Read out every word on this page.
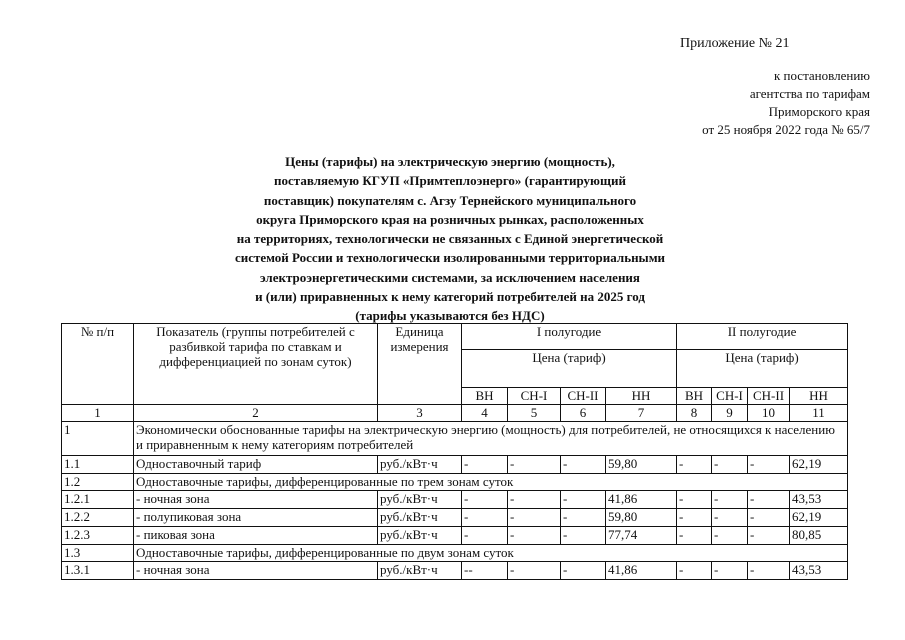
Приложение № 21
к постановлению
агентства по тарифам
Приморского края
от 25 ноября 2022 года № 65/7
Цены (тарифы) на электрическую энергию (мощность),
поставляемую КГУП «Примтеплоэнерго» (гарантирующий
поставщик) покупателям с. Агзу Тернейского муниципального
округа Приморского края на розничных рынках, расположенных
на территориях, технологически не связанных с Единой энергетической
системой России и технологически изолированными территориальными
электроэнергетическими системами, за исключением населения
и (или) приравненных к нему категорий потребителей на 2025 год
(тарифы указываются без НДС)
№ п/п	Показатель (группы потребителей с разбивкой тарифа по ставкам и дифференциацией по зонам суток)	Единица измерения	I полугодие				II полугодие			
			Цена (тариф)				Цена (тариф)			
			ВН	СН-I	СН-II	НН	ВН	СН-I	СН-II	НН
1	2	3	4	5	6	7	8	9	10	11
1	Экономически обоснованные тарифы на электрическую энергию (мощность) для потребителей, не относящихся к населению и приравненным к нему категориям потребителей									
1.1	Одноставочный тариф	руб./кВт·ч	-	-	-	59,80	-	-	-	62,19
1.2	Одноставочные тарифы, дифференцированные по трем зонам суток									
1.2.1	- ночная зона	руб./кВт·ч	-	-	-	41,86	-	-	-	43,53
1.2.2	- полупиковая зона	руб./кВт·ч	-	-	-	59,80	-	-	-	62,19
1.2.3	- пиковая зона	руб./кВт·ч	-	-	-	77,74	-	-	-	80,85
1.3	Одноставочные тарифы, дифференцированные по двум зонам суток									
1.3.1	- ночная зона	руб./кВт·ч	--	-	-	41,86	-	-	-	43,53
